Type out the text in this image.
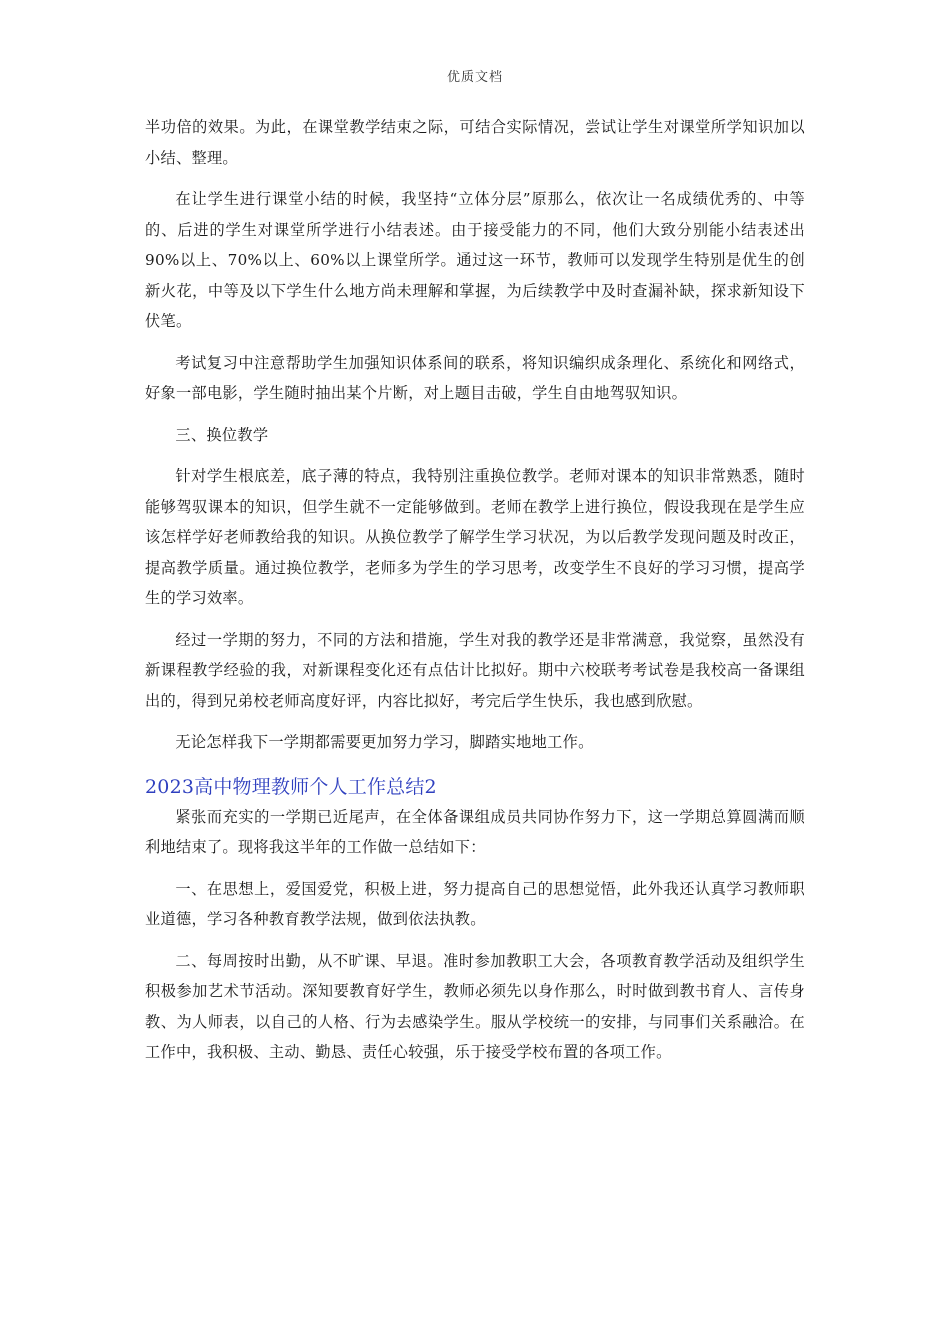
优质文档

半功倍的效果。为此，在课堂教学结束之际，可结合实际情况，尝试让学生对课堂所学知识加以小结、整理。

在让学生进行课堂小结的时候，我坚持“立体分层”原那么，依次让一名成绩优秀的、中等的、后进的学生对课堂所学进行小结表述。由于接受能力的不同，他们大致分别能小结表述出90%以上、70%以上、60%以上课堂所学。通过这一环节，教师可以发现学生特别是优生的创新火花，中等及以下学生什么地方尚未理解和掌握，为后续教学中及时查漏补缺，探求新知设下伏笔。

考试复习中注意帮助学生加强知识体系间的联系，将知识编织成条理化、系统化和网络式，好象一部电影，学生随时抽出某个片断，对上题目击破，学生自由地驾驭知识。

三、换位教学

针对学生根底差，底子薄的特点，我特别注重换位教学。老师对课本的知识非常熟悉，随时能够驾驭课本的知识，但学生就不一定能够做到。老师在教学上进行换位，假设我现在是学生应该怎样学好老师教给我的知识。从换位教学了解学生学习状况，为以后教学发现问题及时改正，提高教学质量。通过换位教学，老师多为学生的学习思考，改变学生不良好的学习习惯，提高学生的学习效率。

经过一学期的努力，不同的方法和措施，学生对我的教学还是非常满意，我觉察，虽然没有新课程教学经验的我，对新课程变化还有点估计比拟好。期中六校联考考试卷是我校高一备课组出的，得到兄弟校老师高度好评，内容比拟好，考完后学生快乐，我也感到欣慰。

无论怎样我下一学期都需要更加努力学习，脚踏实地地工作。

2023高中物理教师个人工作总结2

紧张而充实的一学期已近尾声，在全体备课组成员共同协作努力下，这一学期总算圆满而顺利地结束了。现将我这半年的工作做一总结如下：

一、在思想上，爱国爱党，积极上进，努力提高自己的思想觉悟，此外我还认真学习教师职业道德，学习各种教育教学法规，做到依法执教。

二、每周按时出勤，从不旷课、早退。准时参加教职工大会，各项教育教学活动及组织学生积极参加艺术节活动。深知要教育好学生，教师必须先以身作那么，时时做到教书育人、言传身教、为人师表，以自己的人格、行为去感染学生。服从学校统一的安排，与同事们关系融洽。在工作中，我积极、主动、勤恳、责任心较强，乐于接受学校布置的各项工作。
